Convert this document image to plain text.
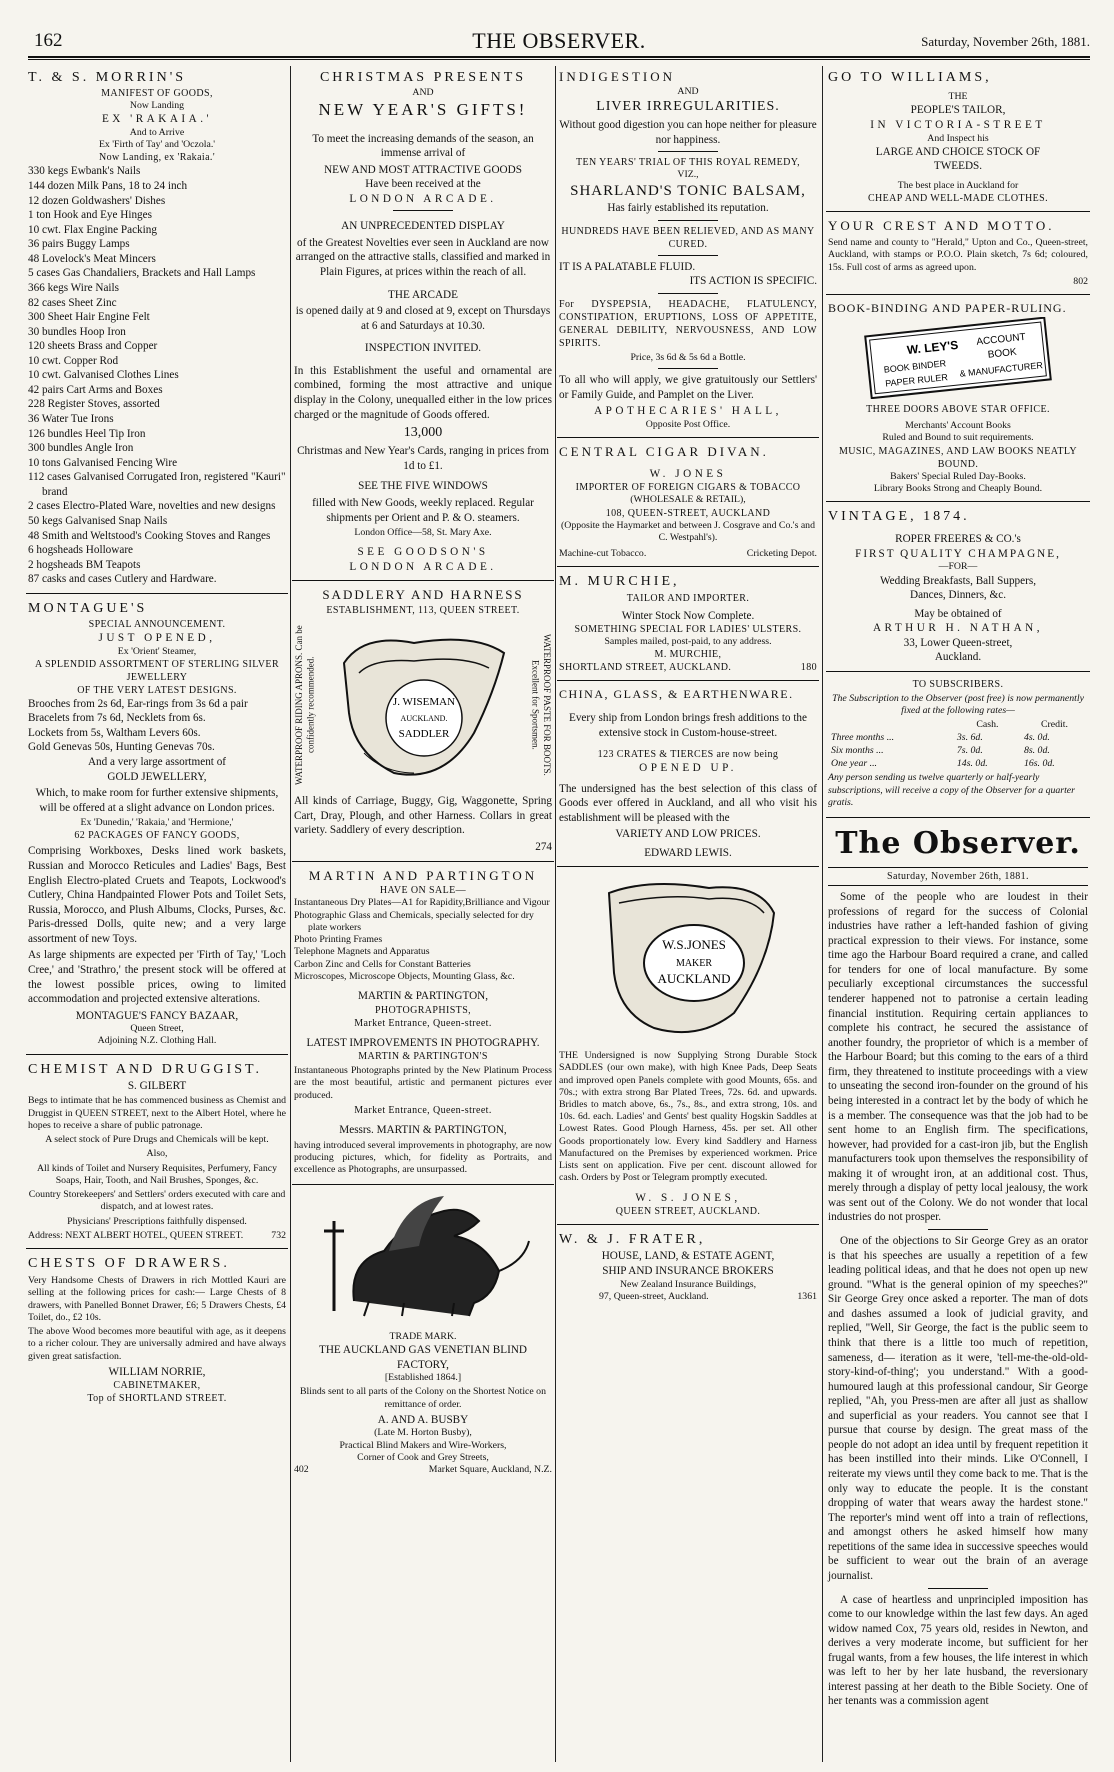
162	THE OBSERVER.	Saturday, November 26th, 1881.
T. & S. MORRIN'S
MANIFEST OF GOODS,
Now Landing
EX 'RAKAIA.'
And to Arrive
Ex 'Firth of Tay' and 'Oczola.'
Now Landing, ex 'Rakaia.'
330 kegs Ewbank's Nails
144 dozen Milk Pans, 18 to 24 inch
12 dozen Goldwashers' Dishes
1 ton Hook and Eye Hinges
10 cwt. Flax Engine Packing
36 pairs Buggy Lamps
48 Lovelock's Meat Mincers
5 cases Gas Chandaliers, Brackets and Hall Lamps
366 kegs Wire Nails
82 cases Sheet Zinc
300 Sheet Hair Engine Felt
30 bundles Hoop Iron
120 sheets Brass and Copper
10 cwt. Copper Rod
10 cwt. Galvanised Clothes Lines
42 pairs Cart Arms and Boxes
228 Register Stoves, assorted
36 Water Tue Irons
126 bundles Heel Tip Iron
300 bundles Angle Iron
10 tons Galvanised Fencing Wire
112 cases Galvanised Corrugated Iron, registered "Kauri" brand
2 cases Electro-Plated Ware, novelties and new designs
50 kegs Galvanised Snap Nails
48 Smith and Weltstood's Cooking Stoves and Ranges
6 hogsheads Holloware
2 hogsheads BM Teapots
87 casks and cases Cutlery and Hardware.
MONTAGUE'S
SPECIAL ANNOUNCEMENT.
JUST OPENED,
Ex 'Orient' Steamer,
A SPLENDID ASSORTMENT OF STERLING SILVER JEWELLERY
OF THE VERY LATEST DESIGNS.
Brooches from 2s 6d, Ear-rings from 3s 6d a pair
Bracelets from 7s 6d, Necklets from 6s.
Lockets from 5s, Waltham Levers 60s.
Gold Genevas 50s, Hunting Genevas 70s.
And a very large assortment of
GOLD JEWELLERY,

Which, to make room for further extensive shipments, will be offered at a slight advance on London prices.

Ex 'Dunedin,' 'Rakaia,' and 'Hermione,'
62 PACKAGES OF FANCY GOODS,

Comprising Workboxes, Desks lined work baskets, Russian and Morocco Reticules and Ladies' Bags, Best English Electro-plated Cruets and Teapots, Lockwood's Cutlery, China Handpainted Flower Pots and Toilet Sets, Russia, Morocco, and Plush Albums, Clocks, Purses, &c. Paris-dressed Dolls, quite new; and a very large assortment of new Toys.

As large shipments are expected per 'Firth of Tay,' 'Loch Cree,' and 'Strathro,' the present stock will be offered at the lowest possible prices, owing to limited accommodation and projected extensive alterations.

MONTAGUE'S FANCY BAZAAR,
Queen Street,
Adjoining N.Z. Clothing Hall.
CHEMIST AND DRUGGIST.
S. GILBERT

Begs to intimate that he has commenced business as Chemist and Druggist in QUEEN STREET, next to the Albert Hotel, where he hopes to receive a share of public patronage.

A select stock of Pure Drugs and Chemicals will be kept.

Also,

All kinds of Toilet and Nursery Requisites, Perfumery, Fancy Soaps, Hair, Tooth, and Nail Brushes, Sponges, &c.

Country Storekeepers' and Settlers' orders executed with care and dispatch, and at lowest rates.

Physicians' Prescriptions faithfully dispensed.

Address: NEXT ALBERT HOTEL, QUEEN STREET.	732
CHESTS OF DRAWERS.

Very Handsome Chests of Drawers in rich Mottled Kauri are selling at the following prices for cash:— Large Chests of 8 drawers, with Panelled Bonnet Drawer, £6; 5 Drawers Chests, £4 Toilet, do., £2 10s.

The above Wood becomes more beautiful with age, as it deepens to a richer colour. They are universally admired and have always given great satisfaction.

WILLIAM NORRIE,
CABINETMAKER,
Top of SHORTLAND STREET.
CHRISTMAS PRESENTS
AND
NEW YEAR'S GIFTS!

To meet the increasing demands of the season, an immense arrival of

NEW AND MOST ATTRACTIVE GOODS
Have been received at the
LONDON ARCADE.
AN UNPRECEDENTED DISPLAY

of the Greatest Novelties ever seen in Auckland are now arranged on the attractive stalls, classified and marked in Plain Figures, at prices within the reach of all.

THE ARCADE

is opened daily at 9 and closed at 9, except on Thursdays at 6 and Saturdays at 10.30.

INSPECTION INVITED.

In this Establishment the useful and ornamental are combined, forming the most attractive and unique display in the Colony, unequalled either in the low prices charged or the magnitude of Goods offered.

13,000

Christmas and New Year's Cards, ranging in prices from 1d to £1.

SEE THE FIVE WINDOWS

filled with New Goods, weekly replaced. Regular shipments per Orient and P. & O. steamers.

London Office—58, St. Mary Axe.
SEE GOODSON'S
LONDON ARCADE.
SADDLERY AND HARNESS
ESTABLISHMENT, 113, QUEEN STREET.
WATERPROOF RIDING APRONS. Can be confidently recommended.	WATERPROOF PASTE FOR BOOTS. Excellent for Sportsmen.
J. WISEMAN
AUCKLAND.
SADDLER

All kinds of Carriage, Buggy, Gig, Waggonette, Spring Cart, Dray, Plough, and other Harness. Collars in great variety. Saddlery of every description.

274
MARTIN AND PARTINGTON
HAVE ON SALE—
Instantaneous Dry Plates—A1 for Rapidity,Brilliance and Vigour
Photographic Glass and Chemicals, specially selected for dry plate workers
Photo Printing Frames
Telephone Magnets and Apparatus
Carbon Zinc and Cells for Constant Batteries
Microscopes, Microscope Objects, Mounting Glass, &c.
MARTIN & PARTINGTON,
PHOTOGRAPHISTS,
Market Entrance, Queen-street.
LATEST IMPROVEMENTS IN PHOTOGRAPHY.
MARTIN & PARTINGTON'S

Instantaneous Photographs printed by the New Platinum Process are the most beautiful, artistic and permanent pictures ever produced.

Market Entrance, Queen-street.
Messrs. MARTIN & PARTINGTON,

having introduced several improvements in photography, are now producing pictures, which, for fidelity as Portraits, and excellence as Photographs, are unsurpassed.

TRADE MARK.
THE AUCKLAND GAS VENETIAN BLIND FACTORY,
[Established 1864.]

Blinds sent to all parts of the Colony on the Shortest Notice on remittance of order.

A. AND A. BUSBY
(Late M. Horton Busby),
Practical Blind Makers and Wire-Workers,
Corner of Cook and Grey Streets,
402	Market Square, Auckland, N.Z.
INDIGESTION
AND
LIVER IRREGULARITIES.

Without good digestion you can hope neither for pleasure nor happiness.

TEN YEARS' TRIAL OF THIS ROYAL REMEDY,
VIZ.,
SHARLAND'S TONIC BALSAM,
Has fairly established its reputation.
HUNDREDS HAVE BEEN RELIEVED, AND AS MANY CURED.
IT IS A PALATABLE FLUID.
ITS ACTION IS SPECIFIC.

For DYSPEPSIA, HEADACHE, FLATULENCY, CONSTIPATION, ERUPTIONS, LOSS OF APPETITE, GENERAL DEBILITY, NERVOUSNESS, AND LOW SPIRITS.

Price, 3s 6d & 5s 6d a Bottle.

To all who will apply, we give gratuitously our Settlers' or Family Guide, and Pamplet on the Liver.

APOTHECARIES' HALL,
Opposite Post Office.
CENTRAL CIGAR DIVAN.
W. JONES
IMPORTER OF FOREIGN CIGARS & TOBACCO
(WHOLESALE & RETAIL),
108, QUEEN-STREET, AUCKLAND
(Opposite the Haymarket and between J. Cosgrave and Co.'s and C. Westpahl's).
Machine-cut Tobacco.	Cricketing Depot.
M. MURCHIE,
TAILOR AND IMPORTER.
Winter Stock Now Complete.
SOMETHING SPECIAL FOR LADIES' ULSTERS.
Samples mailed, post-paid, to any address.
M. MURCHIE,
SHORTLAND STREET, AUCKLAND.	180
CHINA, GLASS, & EARTHENWARE.

Every ship from London brings fresh additions to the extensive stock in Custom-house-street.

123 CRATES & TIERCES are now being
OPENED UP.

The undersigned has the best selection of this class of Goods ever offered in Auckland, and all who visit his establishment will be pleased with the

VARIETY AND LOW PRICES.
EDWARD LEWIS.
W.S.JONES
MAKER
AUCKLAND

THE Undersigned is now Supplying Strong Durable Stock SADDLES (our own make), with high Knee Pads, Deep Seats and improved open Panels complete with good Mounts, 65s. and 70s.; with extra strong Bar Plated Trees, 72s. 6d. and upwards. Bridles to match above, 6s., 7s., 8s., and extra strong, 10s. and 10s. 6d. each. Ladies' and Gents' best quality Hogskin Saddles at Lowest Rates. Good Plough Harness, 45s. per set. All other Goods proportionately low. Every kind Saddlery and Harness Manufactured on the Premises by experienced workmen. Price Lists sent on application. Five per cent. discount allowed for cash. Orders by Post or Telegram promptly executed.

W. S. JONES,
QUEEN STREET, AUCKLAND.
W. & J. FRATER,
HOUSE, LAND, & ESTATE AGENT,
SHIP AND INSURANCE BROKERS
New Zealand Insurance Buildings,
97, Queen-street, Auckland.	1361
GO TO WILLIAMS,
THE
PEOPLE'S TAILOR,
IN VICTORIA-STREET
And Inspect his
LARGE AND CHOICE STOCK OF
TWEEDS.
The best place in Auckland for
CHEAP AND WELL-MADE CLOTHES.
YOUR CREST AND MOTTO.

Send name and county to "Herald," Upton and Co., Queen-street, Auckland, with stamps or P.O.O. Plain sketch, 7s 6d; coloured, 15s. Full cost of arms as agreed upon.

802
BOOK-BINDING AND PAPER-RULING.
W. LEY'S ACCOUNT
BOOK
BOOK BINDER
PAPER RULER
& MANUFACTURER
THREE DOORS ABOVE STAR OFFICE.
Merchants' Account Books
Ruled and Bound to suit requirements.
MUSIC, MAGAZINES, AND LAW BOOKS NEATLY BOUND.
Bakers' Special Ruled Day-Books.
Library Books Strong and Cheaply Bound.
VINTAGE, 1874.
ROPER FREERES & CO.'s
FIRST QUALITY CHAMPAGNE,
—FOR—
Wedding Breakfasts, Ball Suppers,
Dances, Dinners, &c.
May be obtained of
ARTHUR H. NATHAN,
33, Lower Queen-street,
Auckland.
TO SUBSCRIBERS.

The Subscription to the Observer (post free) is now permanently fixed at the following rates—

	Cash.	Credit.
Three months ...	3s. 6d.	4s. 0d.
Six months ...	7s. 0d.	8s. 0d.
One year ...	14s. 0d.	16s. 0d.

Any person sending us twelve quarterly or half-yearly subscriptions, will receive a copy of the Observer for a quarter gratis.

The Observer.
Saturday, November 26th, 1881.

Some of the people who are loudest in their professions of regard for the success of Colonial industries have rather a left-handed fashion of giving practical expression to their views. For instance, some time ago the Harbour Board required a crane, and called for tenders for one of local manufacture. By some peculiarly exceptional circumstances the successful tenderer happened not to patronise a certain leading financial institution. Requiring certain appliances to complete his contract, he secured the assistance of another foundry, the proprietor of which is a member of the Harbour Board; but this coming to the ears of a third firm, they threatened to institute proceedings with a view to unseating the second iron-founder on the ground of his being interested in a contract let by the body of which he is a member. The consequence was that the job had to be sent home to an English firm. The specifications, however, had provided for a cast-iron jib, but the English manufacturers took upon themselves the responsibility of making it of wrought iron, at an additional cost. Thus, merely through a display of petty local jealousy, the work was sent out of the Colony. We do not wonder that local industries do not prosper.

One of the objections to Sir George Grey as an orator is that his speeches are usually a repetition of a few leading political ideas, and that he does not open up new ground. "What is the general opinion of my speeches?" Sir George Grey once asked a reporter. The man of dots and dashes assumed a look of judicial gravity, and replied, "Well, Sir George, the fact is the public seem to think that there is a little too much of repetition, sameness, d— iteration as it were, 'tell-me-the-old-old-story-kind-of-thing'; you understand." With a good-humoured laugh at this professional candour, Sir George replied, "Ah, you Press-men are after all just as shallow and superficial as your readers. You cannot see that I pursue that course by design. The great mass of the people do not adopt an idea until by frequent repetition it has been instilled into their minds. Like O'Connell, I reiterate my views until they come back to me. That is the only way to educate the people. It is the constant dropping of water that wears away the hardest stone." The reporter's mind went off into a train of reflections, and amongst others he asked himself how many repetitions of the same idea in successive speeches would be sufficient to wear out the brain of an average journalist.

A case of heartless and unprincipled imposition has come to our knowledge within the last few days. An aged widow named Cox, 75 years old, resides in Newton, and derives a very moderate income, but sufficient for her frugal wants, from a few houses, the life interest in which was left to her by her late husband, the reversionary interest passing at her death to the Bible Society. One of her tenants was a commission agent
